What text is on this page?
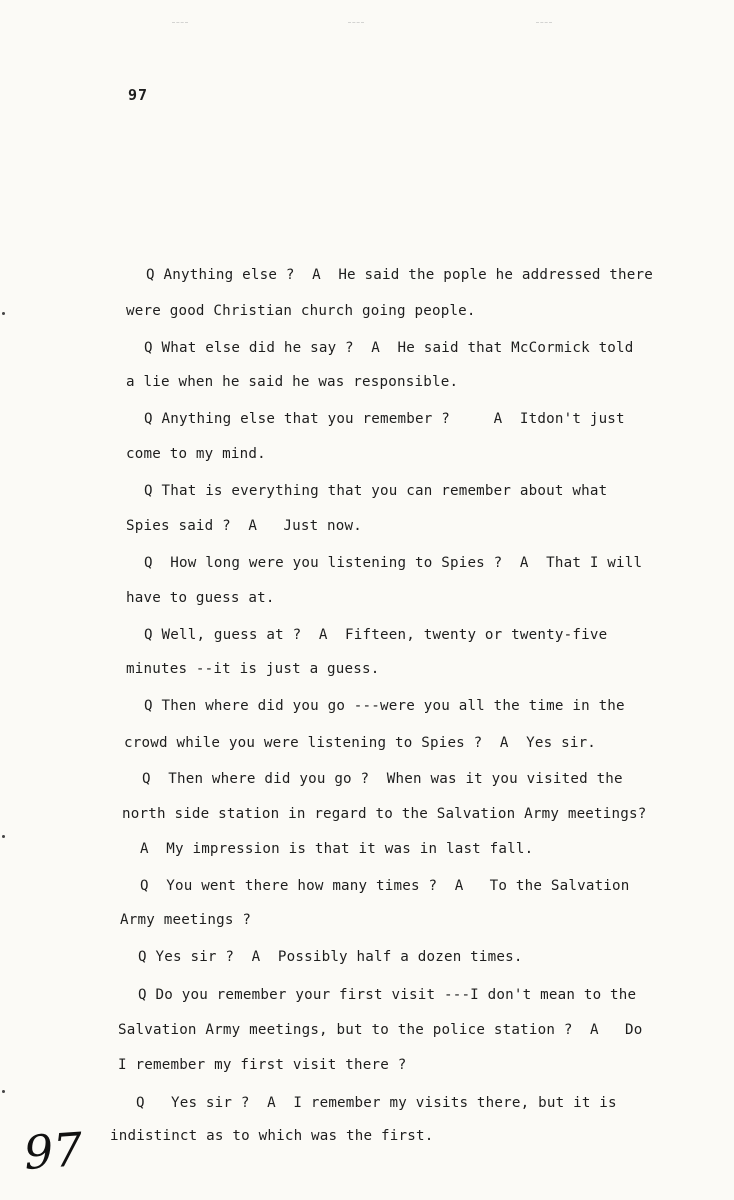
97
Q Anything else ?  A  He said the pople he addressed there
were good Christian church going people.
Q What else did he say ?  A  He said that McCormick told
a lie when he said he was responsible.
Q Anything else that you remember ?     A  Itdon't just
come to my mind.
Q That is everything that you can remember about what
Spies said ?  A   Just now.
Q  How long were you listening to Spies ?  A  That I will
have to guess at.
Q Well, guess at ?  A  Fifteen, twenty or twenty-five
minutes --it is just a guess.
Q Then where did you go ---were you all the time in the
crowd while you were listening to Spies ?  A  Yes sir.
Q  Then where did you go ?  When was it you visited the
north side station in regard to the Salvation Army meetings?
A  My impression is that it was in last fall.
Q  You went there how many times ?  A   To the Salvation
Army meetings ?
Q Yes sir ?  A  Possibly half a dozen times.
Q Do you remember your first visit ---I don't mean to the
Salvation Army meetings, but to the police station ?  A   Do
I remember my first visit there ?
Q   Yes sir ?  A  I remember my visits there, but it is
indistinct as to which was the first.
97
